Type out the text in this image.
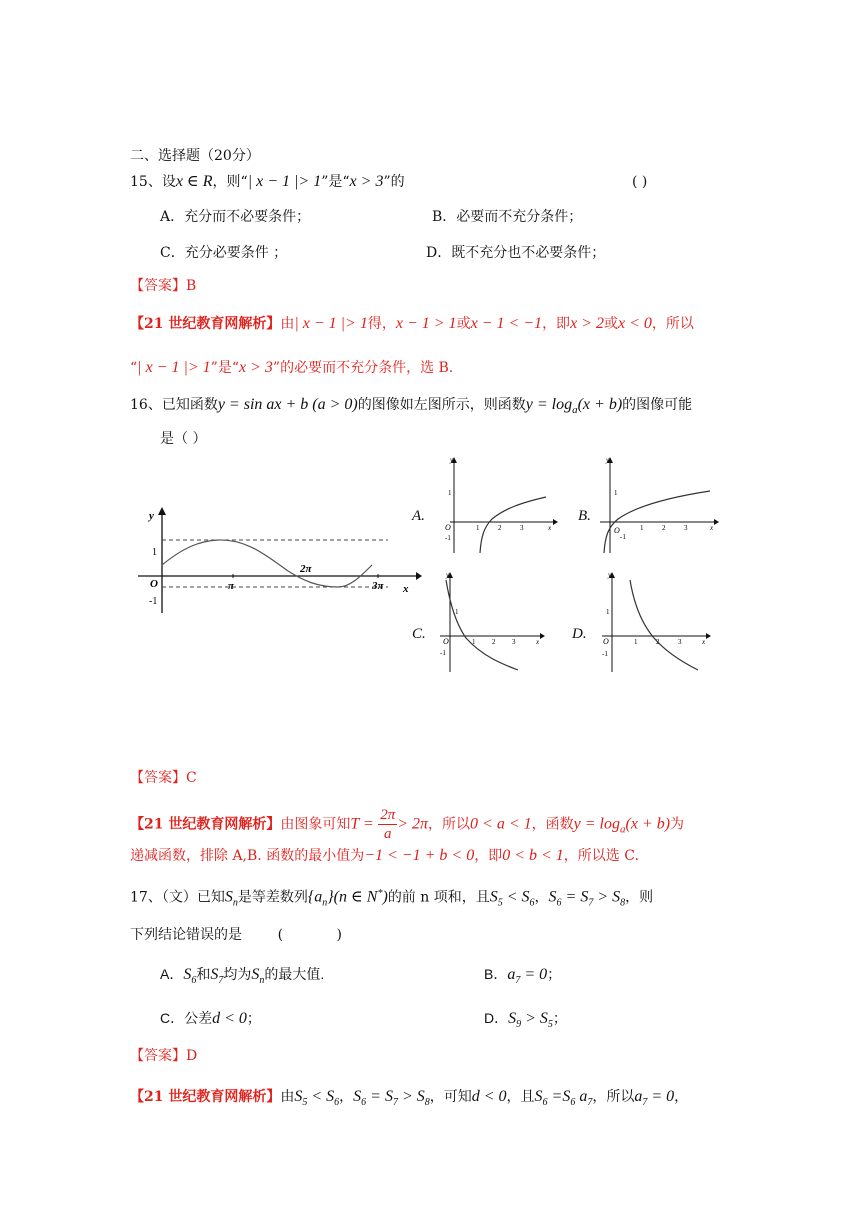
二、选择题（20分）
15、设x ∈ R，则“| x − 1 |> 1”是“x > 3”的	( )
A．充分而不必要条件；	B．必要而不充分条件；
C．充分必要条件 ；	D．既不充分也不必要条件；
【答案】B
【21 世纪教育网解析】由| x − 1 |> 1得，x − 1 > 1或x − 1 < −1，即x > 2或x < 0，所以
“| x − 1 |> 1”是“x > 3”的必要而不充分条件，选 B.
16、已知函数y = sin ax + b (a > 0)的图像如左图所示，则函数$y = \log_a(x + b)$的图像可能
是（ ）
y
x
O
1
-1
π
2π
3π
A.
y
1
O
-1
1	2	3	x
B.
y
1
O
-1
1	2	3	x
C.
y
1
O
-1
1 2 3	x D.
y
1
O
-1
1	2	3	x
【答案】C
【21 世纪教育网解析】由图象可知$T = \frac{2\pi}{a} > 2\pi$，所以0 < a < 1，函数$y = \log_a(x + b)$为
递减函数，排除 A,B. 函数的最小值为−1 < −1 + b < 0，即0 < b < 1，所以选 C.
17、（文）已知$S_n$是等差数列$\{a_n\}(n$ ∈ N*)的前 n 项和，且$S_5 < S_6$，$S_6 = S_7 > S_8$，则
下列结论错误的是        (            )
A．$S_6$和$S_7$均为$S_n$的最大值.	B．$a_7 = 0$；
C．公差d < 0；	D．$S_9 > S_5$；
【答案】D
【21 世纪教育网解析】由$S_5 < S_6$，$S_6 = S_7 > S_8$，可知d < 0，且$S_6 =S_6$ $a_7$，所以$a_7 = 0$，
